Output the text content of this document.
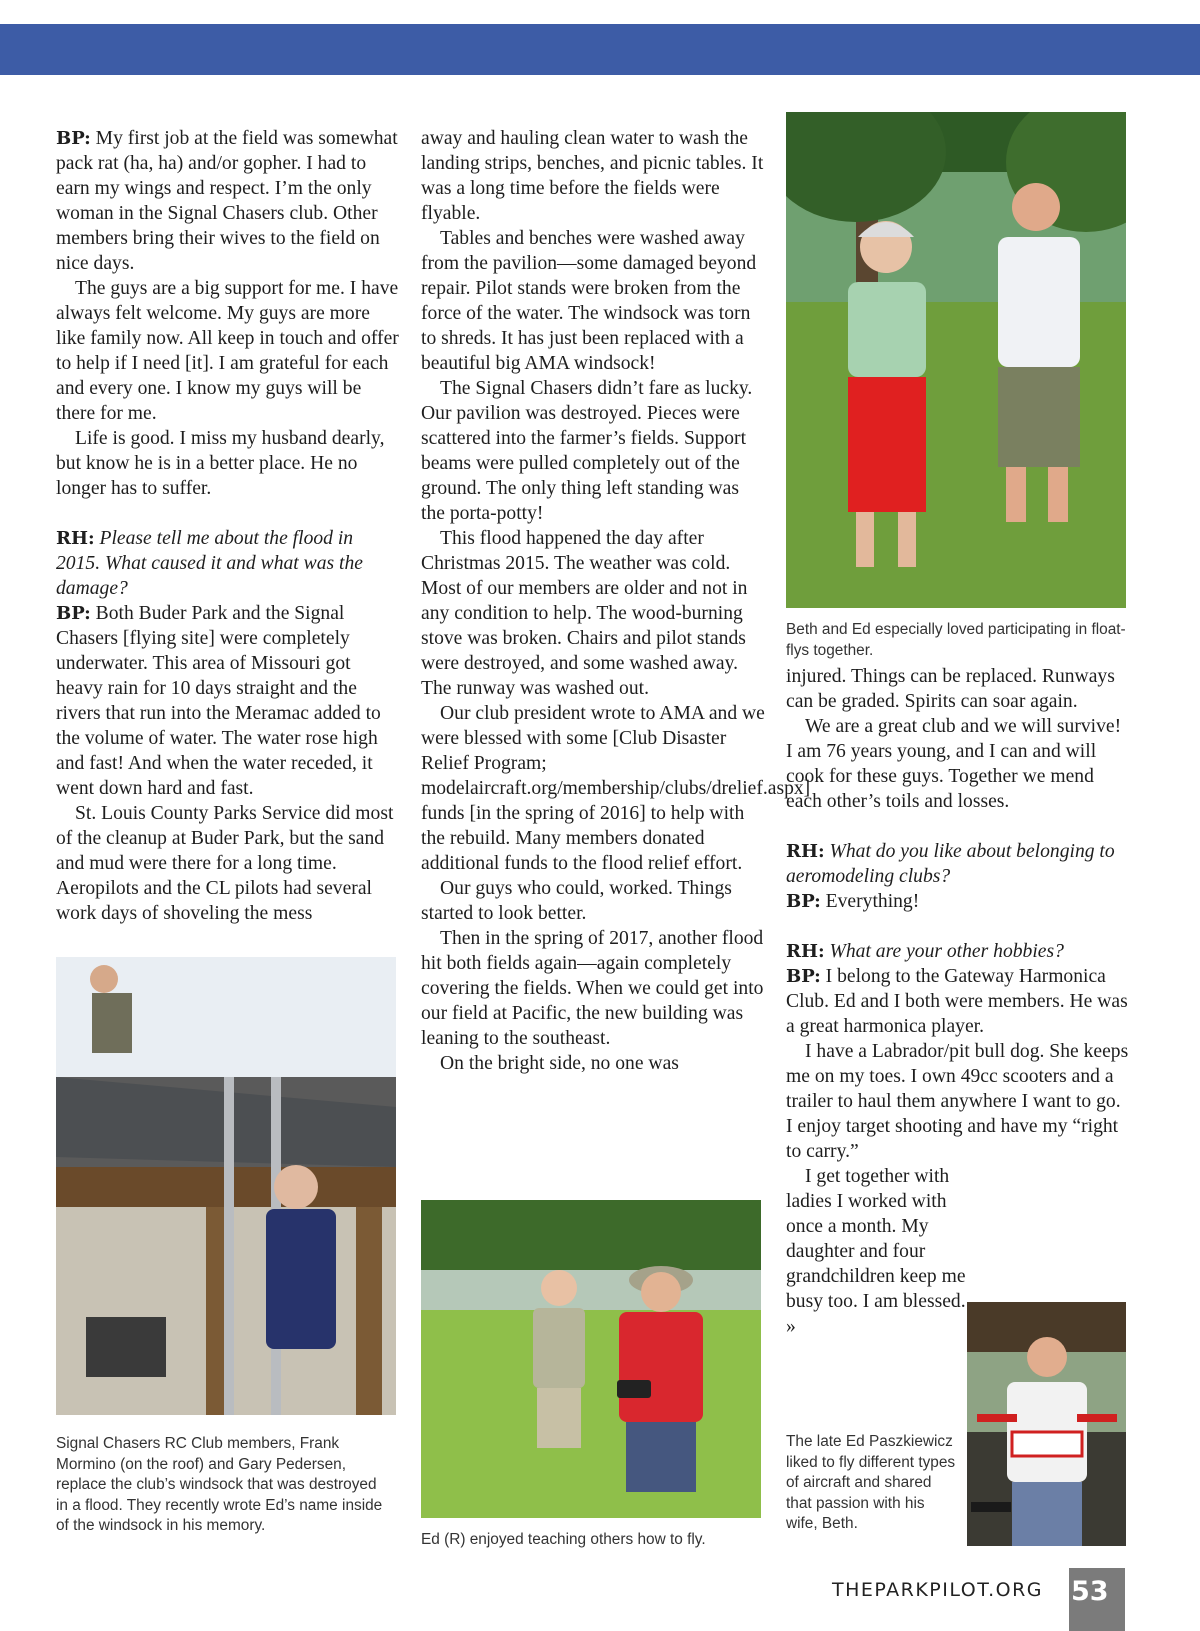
BP: My first job at the field was somewhat pack rat (ha, ha) and/or gopher. I had to earn my wings and respect. I’m the only woman in the Signal Chasers club. Other members bring their wives to the field on nice days.

The guys are a big support for me. I have always felt welcome. My guys are more like family now. All keep in touch and offer to help if I need [it]. I am grateful for each and every one. I know my guys will be there for me.

Life is good. I miss my husband dearly, but know he is in a better place. He no longer has to suffer.

RH: Please tell me about the flood in 2015. What caused it and what was the damage?

BP: Both Buder Park and the Signal Chasers [flying site] were completely underwater. This area of Missouri got heavy rain for 10 days straight and the rivers that run into the Meramac added to the volume of water. The water rose high and fast! And when the water receded, it went down hard and fast.

St. Louis County Parks Service did most of the cleanup at Buder Park, but the sand and mud were there for a long time. Aeropilots and the CL pilots had several work days of shoveling the mess

away and hauling clean water to wash the landing strips, benches, and picnic tables. It was a long time before the fields were flyable.

Tables and benches were washed away from the pavilion—some damaged beyond repair. Pilot stands were broken from the force of the water. The windsock was torn to shreds. It has just been replaced with a beautiful big AMA windsock!

The Signal Chasers didn’t fare as lucky. Our pavilion was destroyed. Pieces were scattered into the farmer’s fields. Support beams were pulled completely out of the ground. The only thing left standing was the porta-potty!

This flood happened the day after Christmas 2015. The weather was cold. Most of our members are older and not in any condition to help. The wood-burning stove was broken. Chairs and pilot stands were destroyed, and some washed away. The runway was washed out.

Our club president wrote to AMA and we were blessed with some [Club Disaster Relief Program; modelaircraft.org/membership/clubs/drelief.aspx] funds [in the spring of 2016] to help with the rebuild. Many members donated additional funds to the flood relief effort.

Our guys who could, worked. Things started to look better.

Then in the spring of 2017, another flood hit both fields again—again completely covering the fields. When we could get into our field at Pacific, the new building was leaning to the southeast.

On the bright side, no one was

injured. Things can be replaced. Runways can be graded. Spirits can soar again.

We are a great club and we will survive! I am 76 years young, and I can and will cook for these guys. Together we mend each other’s toils and losses.

RH: What do you like about belonging to aeromodeling clubs?

BP: Everything!

RH: What are your other hobbies?

BP: I belong to the Gateway Harmonica Club. Ed and I both were members. He was a great harmonica player.

I have a Labrador/pit bull dog. She keeps me on my toes. I own 49cc scooters and a trailer to haul them anywhere I want to go. I enjoy target shooting and have my “right to carry.”

I get together with ladies I worked with once a month. My daughter and four grandchildren keep me busy too. I am blessed. »

Beth and Ed especially loved participating in float-flys together.
Signal Chasers RC Club members, Frank Mormino (on the roof) and Gary Pedersen, replace the club’s windsock that was destroyed in a flood. They recently wrote Ed’s name inside of the windsock in his memory.
Ed (R) enjoyed teaching others how to fly.
The late Ed Paszkiewicz liked to fly different types of aircraft and shared that passion with his wife, Beth.
THEPARKPILOT.ORG 53
